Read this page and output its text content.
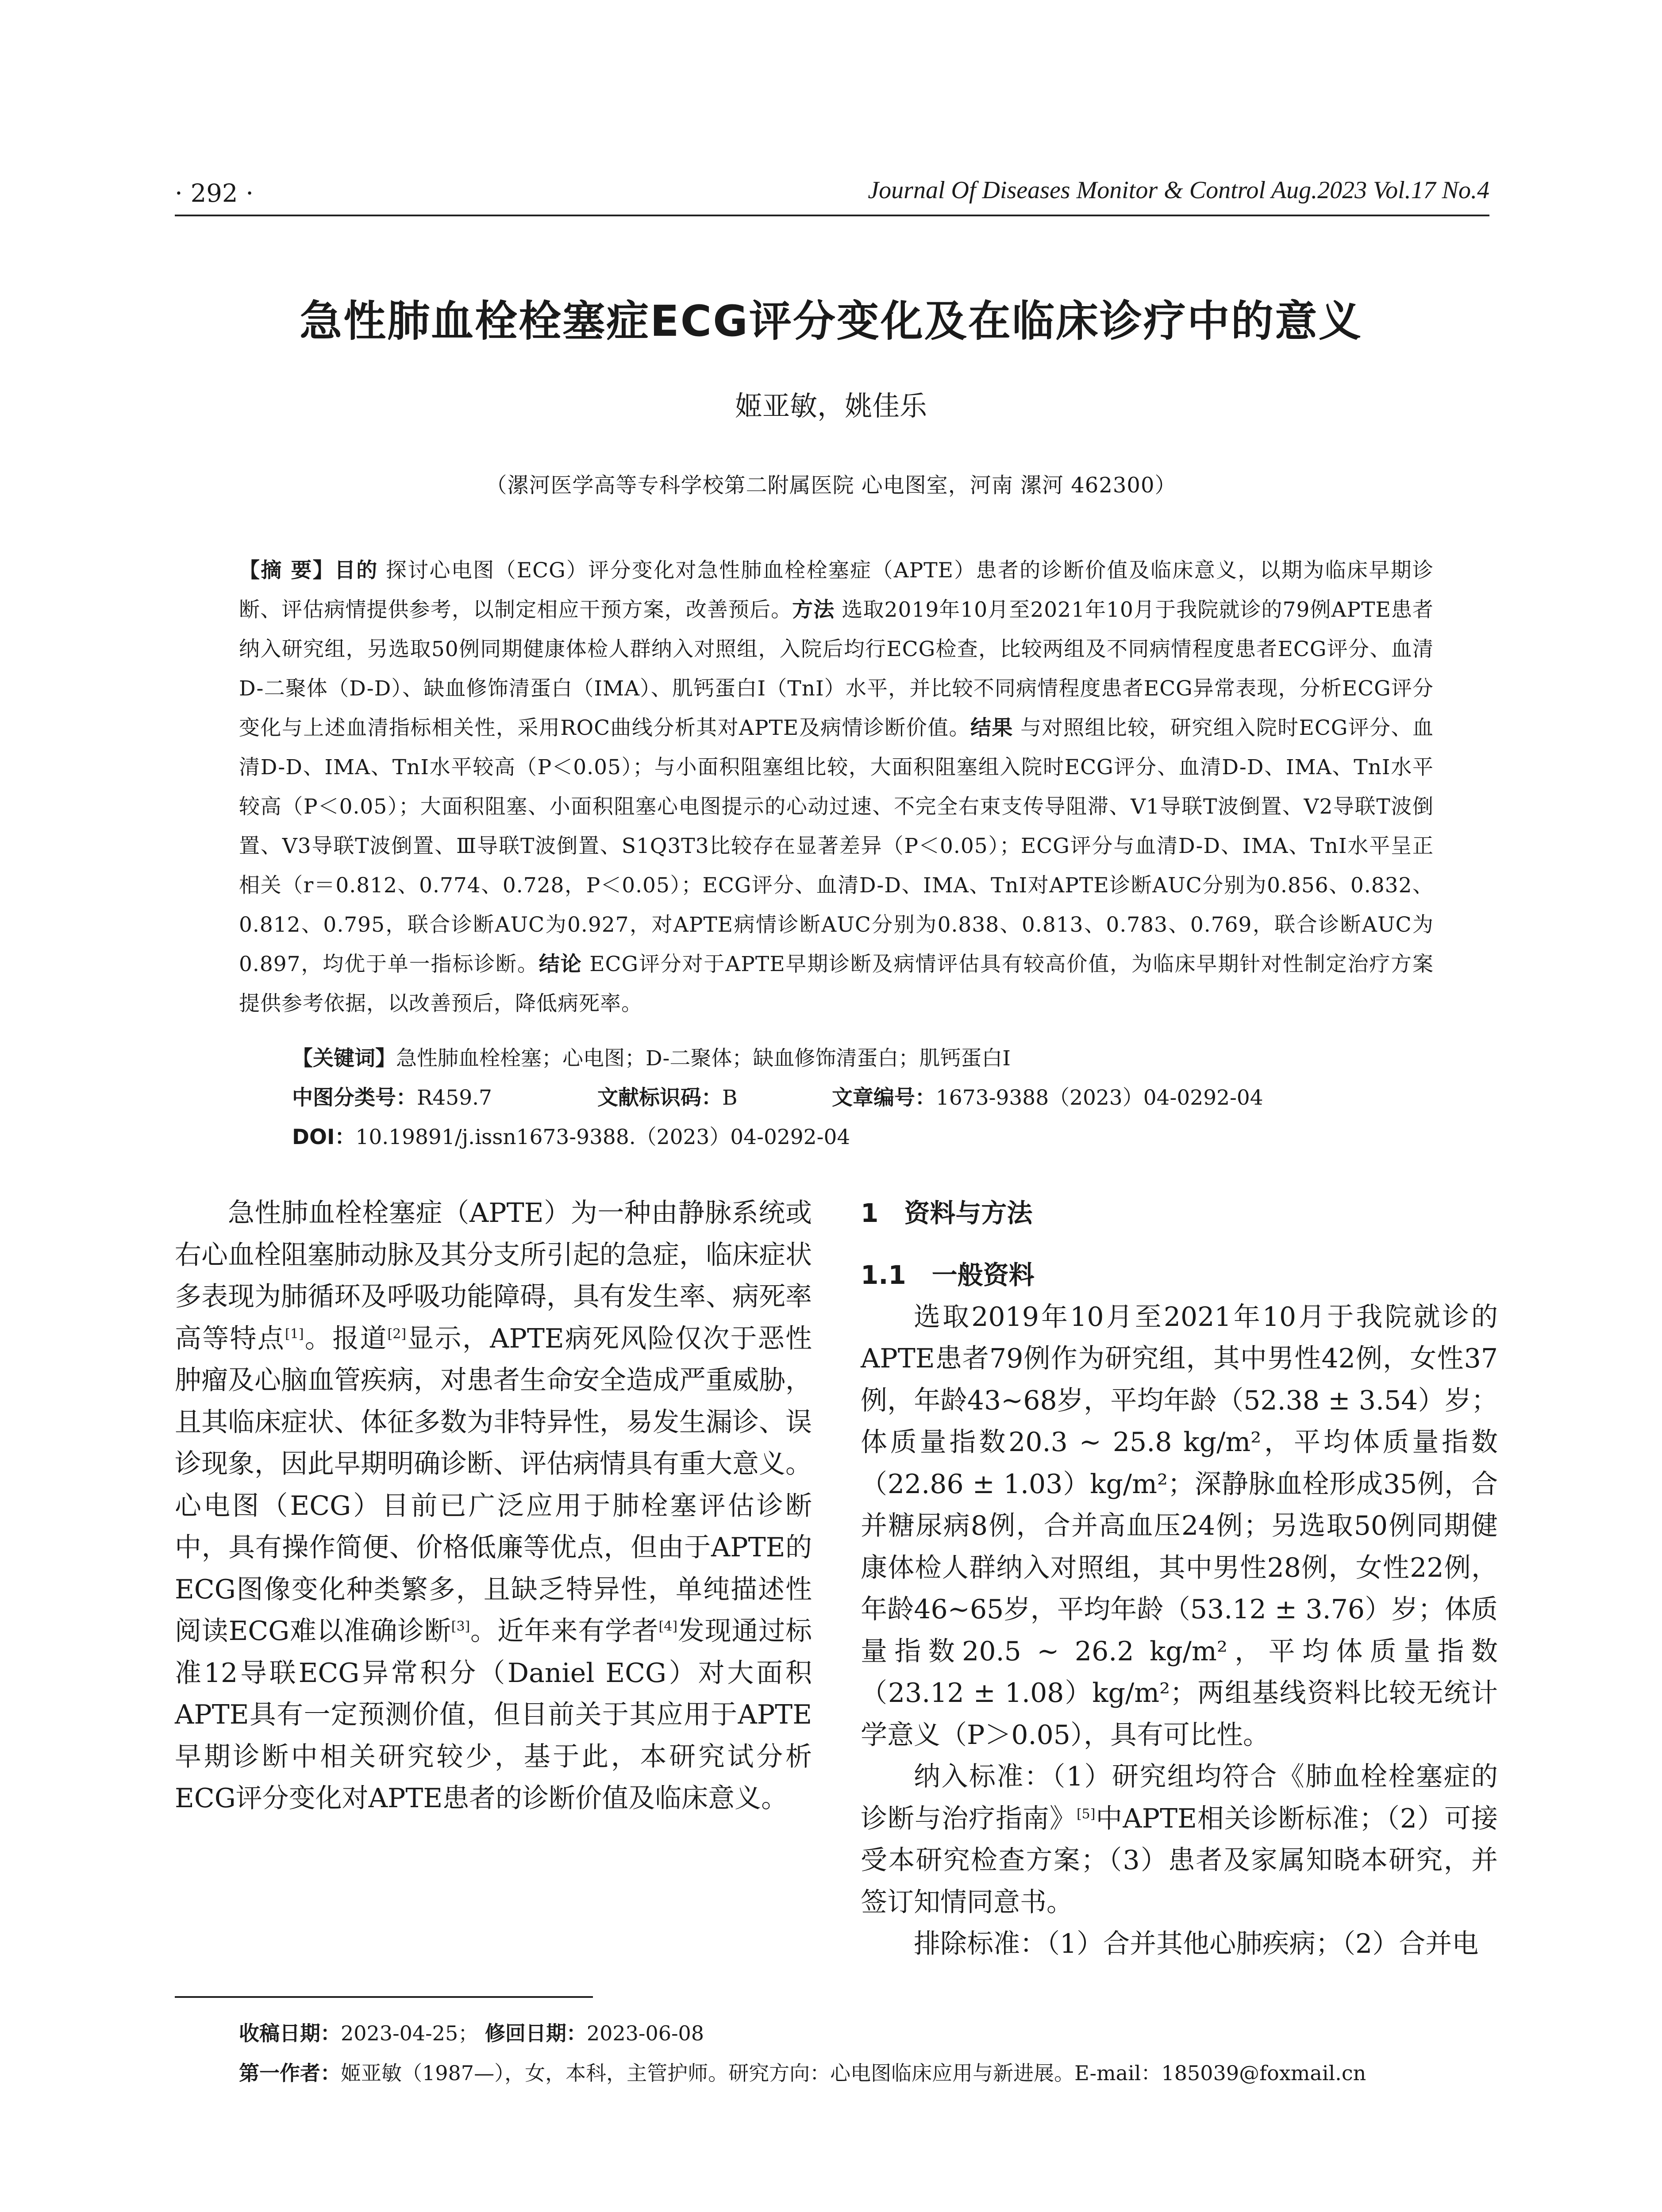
· 292 ·	Journal Of Diseases Monitor & Control Aug.2023 Vol.17 No.4
急性肺血栓栓塞症ECG评分变化及在临床诊疗中的意义
姬亚敏，姚佳乐
（漯河医学高等专科学校第二附属医院 心电图室，河南 漯河 462300）
【摘 要】目的 探讨心电图（ECG）评分变化对急性肺血栓栓塞症（APTE）患者的诊断价值及临床意义，以期为临床早期诊断、评估病情提供参考，以制定相应干预方案，改善预后。方法 选取2019年10月至2021年10月于我院就诊的79例APTE患者纳入研究组，另选取50例同期健康体检人群纳入对照组，入院后均行ECG检查，比较两组及不同病情程度患者ECG评分、血清D-二聚体（D-D）、缺血修饰清蛋白（IMA）、肌钙蛋白I（TnI）水平，并比较不同病情程度患者ECG异常表现，分析ECG评分变化与上述血清指标相关性，采用ROC曲线分析其对APTE及病情诊断价值。结果 与对照组比较，研究组入院时ECG评分、血清D-D、IMA、TnI水平较高（P＜0.05）；与小面积阻塞组比较，大面积阻塞组入院时ECG评分、血清D-D、IMA、TnI水平较高（P＜0.05）；大面积阻塞、小面积阻塞心电图提示的心动过速、不完全右束支传导阻滞、V1导联T波倒置、V2导联T波倒置、V3导联T波倒置、Ⅲ导联T波倒置、S1Q3T3比较存在显著差异（P＜0.05）；ECG评分与血清D-D、IMA、TnI水平呈正相关（r＝0.812、0.774、0.728，P＜0.05）；ECG评分、血清D-D、IMA、TnI对APTE诊断AUC分别为0.856、0.832、0.812、0.795，联合诊断AUC为0.927，对APTE病情诊断AUC分别为0.838、0.813、0.783、0.769，联合诊断AUC为0.897，均优于单一指标诊断。结论 ECG评分对于APTE早期诊断及病情评估具有较高价值，为临床早期针对性制定治疗方案提供参考依据，以改善预后，降低病死率。
【关键词】急性肺血栓栓塞；心电图；D-二聚体；缺血修饰清蛋白；肌钙蛋白I
中图分类号：R459.7	文献标识码：B	文章编号：1673-9388（2023）04-0292-04
DOI：10.19891/j.issn1673-9388.（2023）04-0292-04

急性肺血栓栓塞症（APTE）为一种由静脉系统或右心血栓阻塞肺动脉及其分支所引起的急症，临床症状多表现为肺循环及呼吸功能障碍，具有发生率、病死率高等特点[1]。报道[2]显示，APTE病死风险仅次于恶性肿瘤及心脑血管疾病，对患者生命安全造成严重威胁，且其临床症状、体征多数为非特异性，易发生漏诊、误诊现象，因此早期明确诊断、评估病情具有重大意义。心电图（ECG）目前已广泛应用于肺栓塞评估诊断中，具有操作简便、价格低廉等优点，但由于APTE的ECG图像变化种类繁多，且缺乏特异性，单纯描述性阅读ECG难以准确诊断[3]。近年来有学者[4]发现通过标准12导联ECG异常积分（Daniel ECG）对大面积APTE具有一定预测价值，但目前关于其应用于APTE早期诊断中相关研究较少，基于此，本研究试分析ECG评分变化对APTE患者的诊断价值及临床意义。

1　资料与方法
1.1　一般资料

选取2019年10月至2021年10月于我院就诊的APTE患者79例作为研究组，其中男性42例，女性37例，年龄43~68岁，平均年龄（52.38 ± 3.54）岁；体质量指数20.3 ~ 25.8 kg/m²，平均体质量指数（22.86 ± 1.03）kg/m²；深静脉血栓形成35例，合并糖尿病8例，合并高血压24例；另选取50例同期健康体检人群纳入对照组，其中男性28例，女性22例，年龄46~65岁，平均年龄（53.12 ± 3.76）岁；体质量指数20.5 ~ 26.2 kg/m²，平均体质量指数（23.12 ± 1.08）kg/m²；两组基线资料比较无统计学意义（P＞0.05），具有可比性。

纳入标准：（1）研究组均符合《肺血栓栓塞症的诊断与治疗指南》[5]中APTE相关诊断标准；（2）可接受本研究检查方案；（3）患者及家属知晓本研究，并签订知情同意书。

排除标准：（1）合并其他心肺疾病；（2）合并电

收稿日期：2023-04-25； 修回日期：2023-06-08
第一作者：姬亚敏（1987—），女，本科，主管护师。研究方向：心电图临床应用与新进展。E-mail：185039@foxmail.cn
